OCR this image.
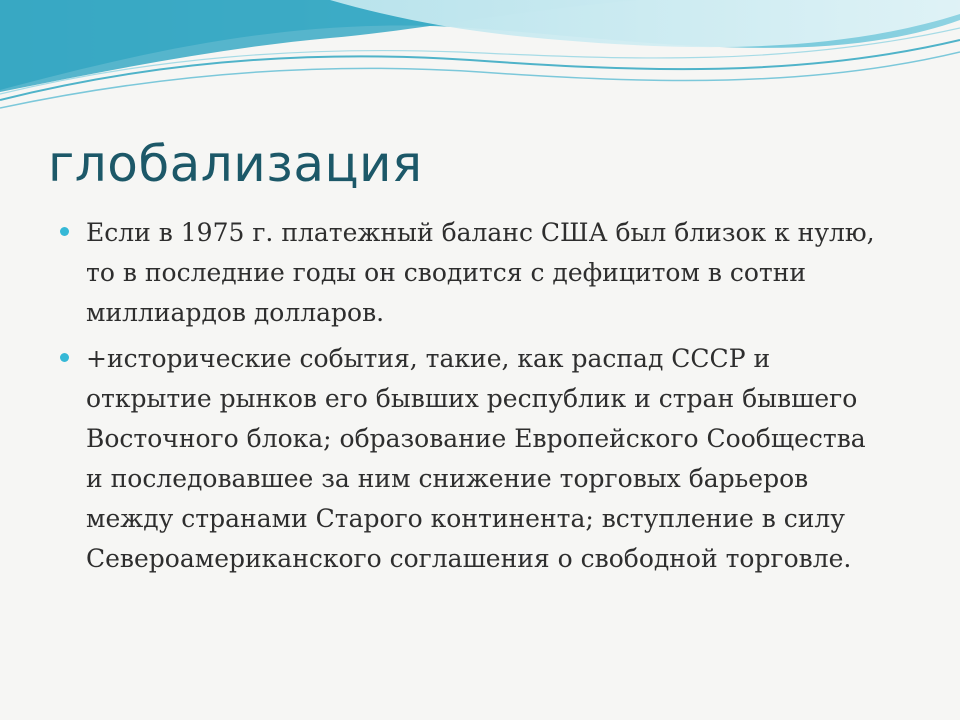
глобализация
Если в 1975 г. платежный баланс США был близок к нулю, то в последние годы он сводится с дефицитом в сотни миллиардов долларов.
+исторические события, такие, как распад СССР и открытие рынков его бывших республик и стран бывшего Восточного блока; образование Европейского Сообщества и последовавшее за ним снижение торговых барьеров между странами Старого континента; вступление в силу Североамериканского соглашения о свободной торговле.
